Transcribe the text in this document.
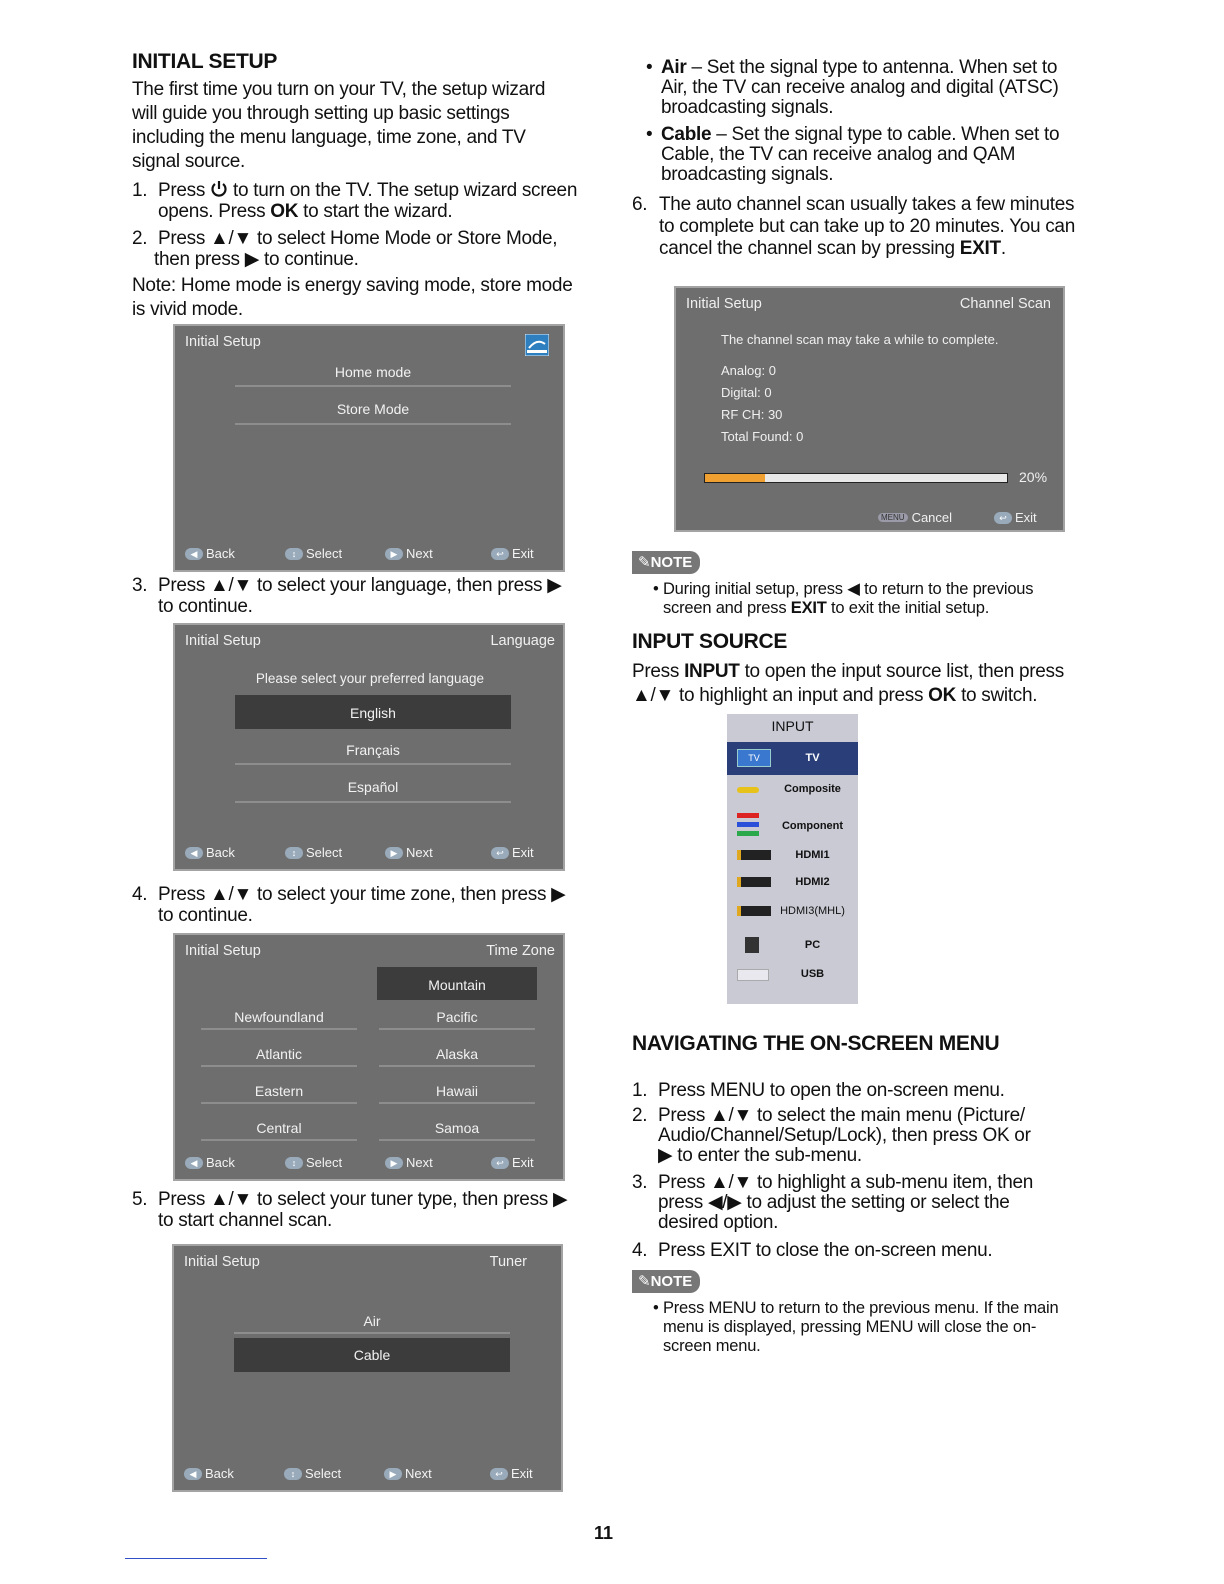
INITIAL SETUP
The first time you turn on your TV, the setup wizard
will guide you through setting up basic settings
including the menu language, time zone, and TV
signal source.
1. Press to turn on the TV. The setup wizard screen
opens. Press OK to start the wizard.
2. Press ▲/▼ to select Home Mode or Store Mode,
then press ▶ to continue.
Note: Home mode is energy saving mode, store mode
is vivid mode.
Initial Setup
Home mode
Store Mode
◀ Back	↕ Select	▶ Next	↩ Exit
3. Press ▲/▼ to select your language, then press ▶
to continue.
Initial Setup	Language
Please select your preferred language
English
Français
Español
◀ Back	↕ Select	▶ Next	↩ Exit
4. Press ▲/▼ to select your time zone, then press ▶
to continue.
Initial Setup	Time Zone
Newfoundland
Atlantic
Eastern
Central
Mountain
Pacific
Alaska
Hawaii
Samoa
◀ Back	↕ Select	▶ Next	↩ Exit
5. Press ▲/▼ to select your tuner type, then press ▶
to start channel scan.
Initial Setup	Tuner
Air
Cable
◀ Back	↕ Select	▶ Next	↩ Exit
• Air – Set the signal type to antenna. When set to
Air, the TV can receive analog and digital (ATSC)
broadcasting signals.
• Cable – Set the signal type to cable. When set to
Cable, the TV can receive analog and QAM
broadcasting signals.
6. The auto channel scan usually takes a few minutes
to complete but can take up to 20 minutes. You can
cancel the channel scan by pressing EXIT.
Initial Setup	Channel Scan
The channel scan may take a while to complete.
Analog: 0
Digital: 0
RF CH: 30
Total Found: 0
20%
MENU Cancel	↩ Exit
✎NOTE
• During initial setup, press ◀ to return to the previous
screen and press EXIT to exit the initial setup.
INPUT SOURCE
Press INPUT to open the input source list, then press
▲/▼ to highlight an input and press OK to switch.
INPUT
TV	TV
Composite
Component
HDMI1
HDMI2
HDMI3(MHL)
PC
USB
NAVIGATING THE ON-SCREEN MENU
1. Press MENU to open the on-screen menu.
2. Press ▲/▼ to select the main menu (Picture/
Audio/Channel/Setup/Lock), then press OK or
▶ to enter the sub-menu.
3. Press ▲/▼ to highlight a sub-menu item, then
press ◀/▶ to adjust the setting or select the
desired option.
4. Press EXIT to close the on-screen menu.
✎NOTE
• Press MENU to return to the previous menu. If the main
menu is displayed, pressing MENU will close the on-
screen menu.
11
